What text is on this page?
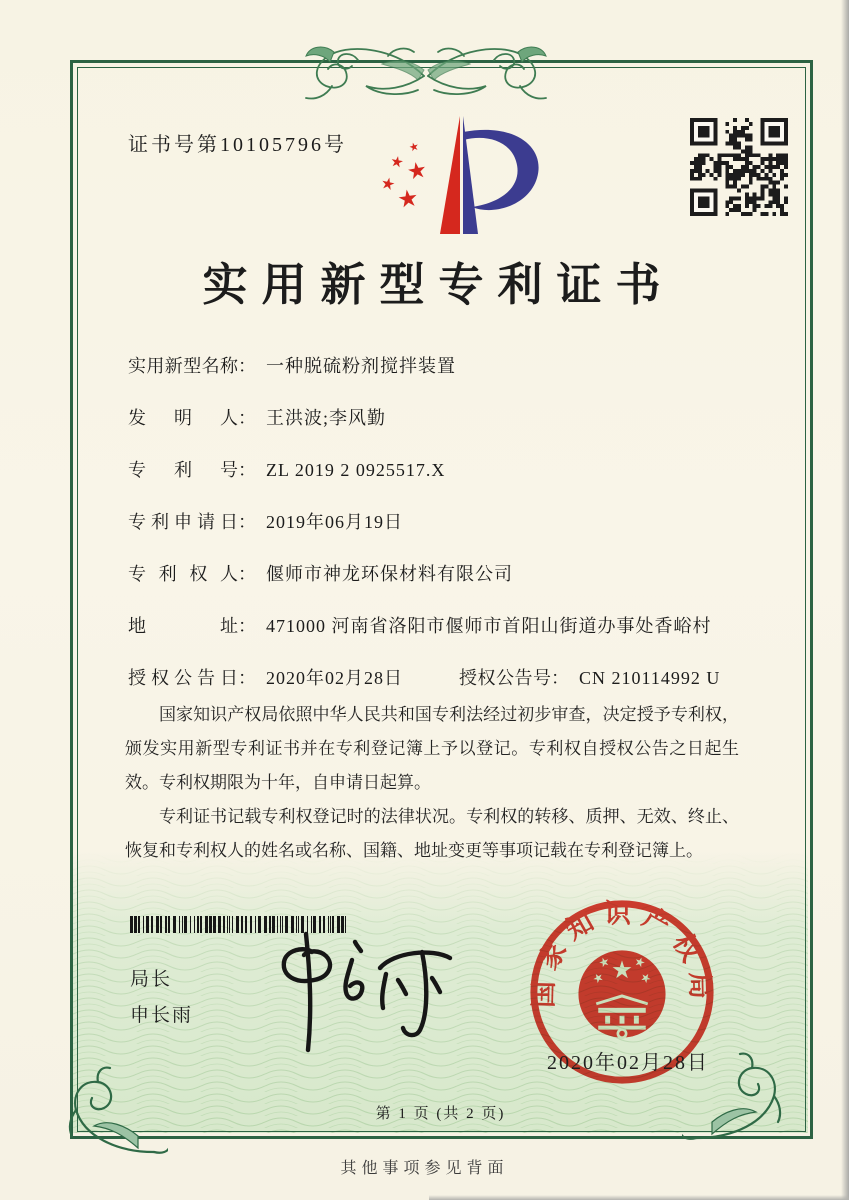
证书号第10105796号
实用新型专利证书
实用新型名称 ： 一种脱硫粉剂搅拌装置
发明人 ： 王洪波;李风勤
专利号 ： ZL 2019 2 0925517.X
专利申请日 ： 2019年06月19日
专利权人 ： 偃师市神龙环保材料有限公司
地址 ： 471000 河南省洛阳市偃师市首阳山街道办事处香峪村
授权公告日 ： 2020年02月28日	授权公告号 ： CN 210114992 U

国家知识产权局依照中华人民共和国专利法经过初步审查，决定授予专利权，颁发实用新型专利证书并在专利登记簿上予以登记。专利权自授权公告之日起生效。专利权期限为十年，自申请日起算。

专利证书记载专利权登记时的法律状况。专利权的转移、质押、无效、终止、恢复和专利权人的姓名或名称、国籍、地址变更等事项记载在专利登记簿上。

局长

申长雨

国家知识产权局
2020年02月28日
第 1 页 (共 2 页)
其他事项参见背面
